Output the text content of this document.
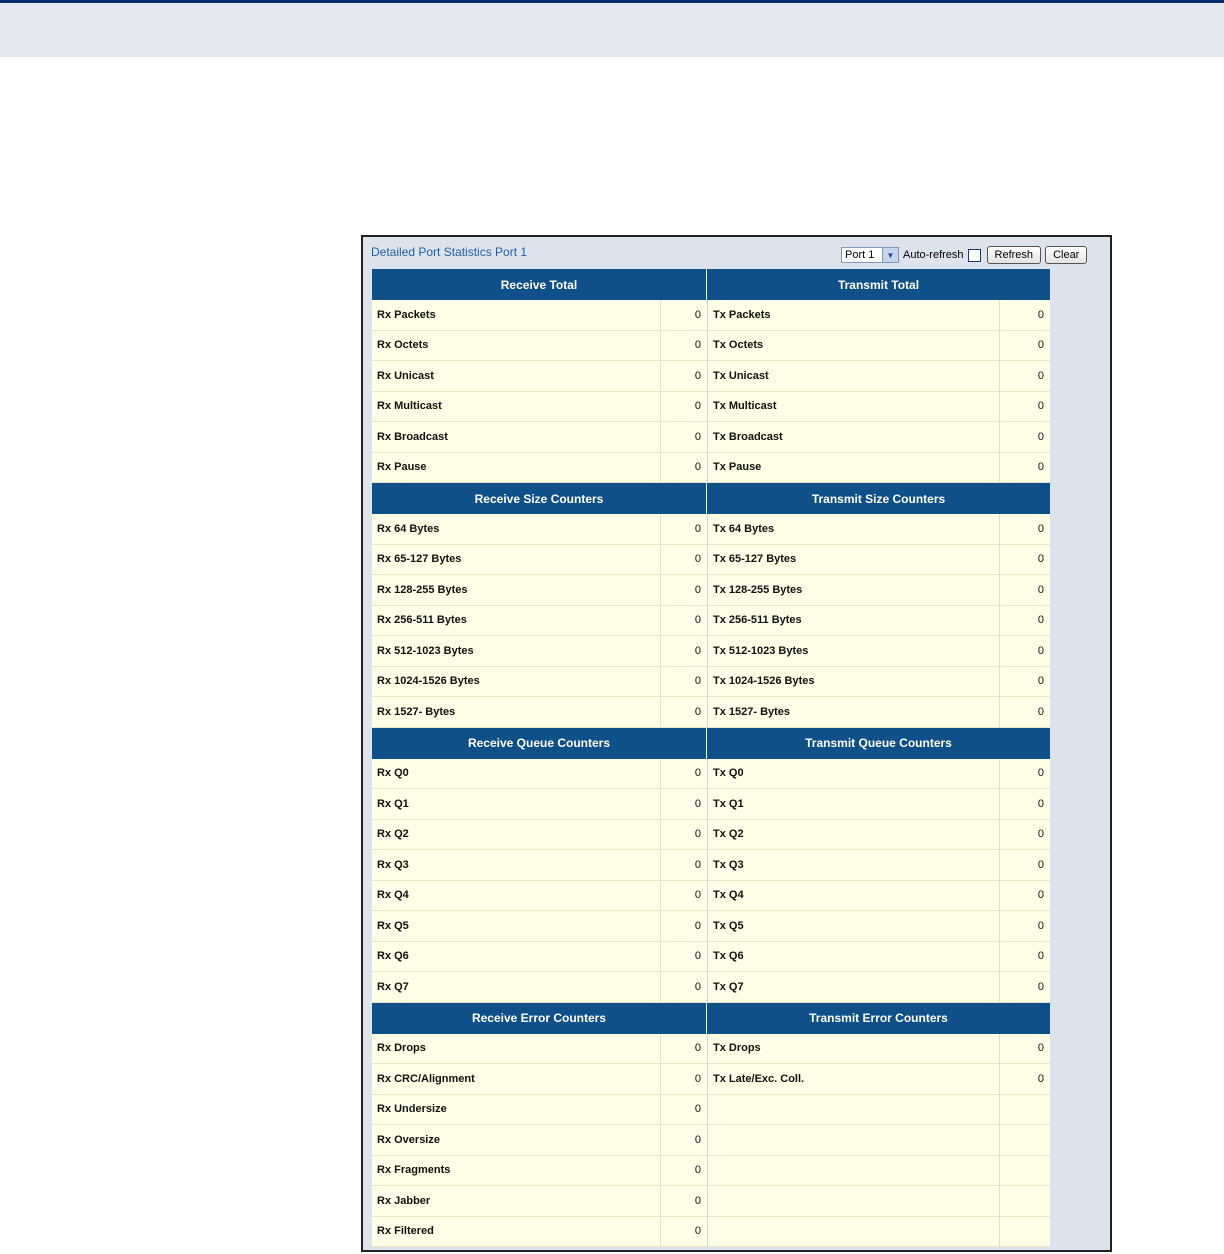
Detailed Port Statistics Port 1	Port 1	▼ Auto-refresh	Refresh	Clear
Receive Total	Transmit Total
Rx Packets	0	Tx Packets	0
Rx Octets	0	Tx Octets	0
Rx Unicast	0	Tx Unicast	0
Rx Multicast	0	Tx Multicast	0
Rx Broadcast	0	Tx Broadcast	0
Rx Pause	0	Tx Pause	0
Receive Size Counters	Transmit Size Counters
Rx 64 Bytes	0	Tx 64 Bytes	0
Rx 65-127 Bytes	0	Tx 65-127 Bytes	0
Rx 128-255 Bytes	0	Tx 128-255 Bytes	0
Rx 256-511 Bytes	0	Tx 256-511 Bytes	0
Rx 512-1023 Bytes	0	Tx 512-1023 Bytes	0
Rx 1024-1526 Bytes	0	Tx 1024-1526 Bytes	0
Rx 1527- Bytes	0	Tx 1527- Bytes	0
Receive Queue Counters	Transmit Queue Counters
Rx Q0	0	Tx Q0	0
Rx Q1	0	Tx Q1	0
Rx Q2	0	Tx Q2	0
Rx Q3	0	Tx Q3	0
Rx Q4	0	Tx Q4	0
Rx Q5	0	Tx Q5	0
Rx Q6	0	Tx Q6	0
Rx Q7	0	Tx Q7	0
Receive Error Counters	Transmit Error Counters
Rx Drops	0	Tx Drops	0
Rx CRC/Alignment	0	Tx Late/Exc. Coll.	0
Rx Undersize	0
Rx Oversize	0
Rx Fragments	0
Rx Jabber	0
Rx Filtered	0
